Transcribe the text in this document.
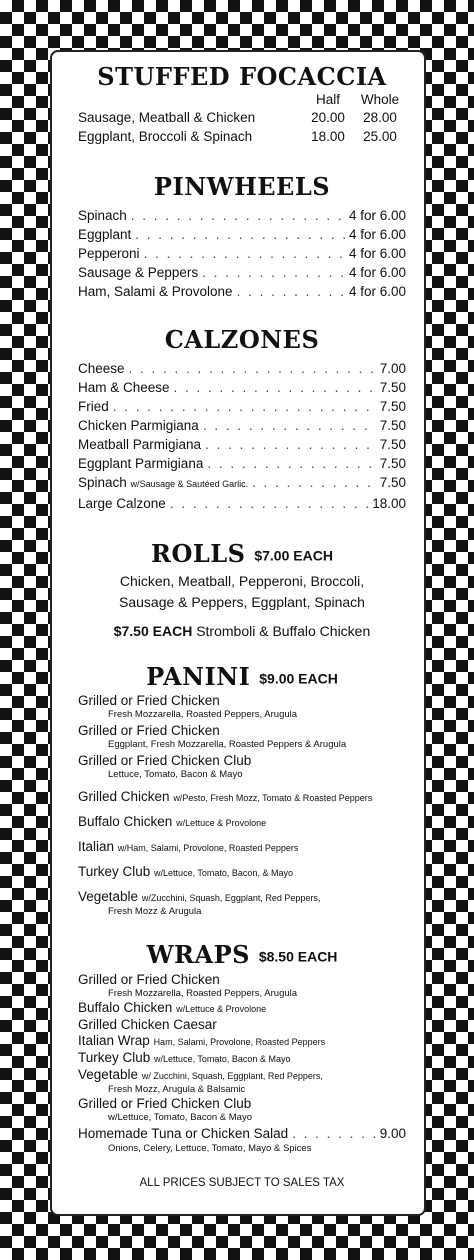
STUFFED FOCACCIA
Half	Whole
Sausage, Meatball & Chicken	20.00	28.00
Eggplant, Broccoli & Spinach	18.00	25.00
PINWHEELS
Spinach . . .	4 for 6.00
Eggplant . . .	4 for 6.00
Pepperoni . . .	4 for 6.00
Sausage & Peppers . . .	4 for 6.00
Ham, Salami & Provolone . . .	4 for 6.00
CALZONES
Cheese . . .	7.00
Ham & Cheese . . .	7.50
Fried . . .	7.50
Chicken Parmigiana . . .	7.50
Meatball Parmigiana . . .	7.50
Eggplant Parmigiana . . .	7.50
Spinach w/Sausage & Sautéed Garlic. . . .	7.50
Large Calzone . . .	18.00
ROLLS $7.00 EACH
Chicken, Meatball, Pepperoni, Broccoli,
Sausage & Peppers, Eggplant, Spinach
$7.50 EACH Stromboli & Buffalo Chicken
PANINI $9.00 EACH
Grilled or Fried Chicken
Fresh Mozzarella, Roasted Peppers, Arugula
Grilled or Fried Chicken
Eggplant, Fresh Mozzarella, Roasted Peppers & Arugula
Grilled or Fried Chicken Club
Lettuce, Tomato, Bacon & Mayo
Grilled Chicken w/Pesto, Fresh Mozz, Tomato & Roasted Peppers
Buffalo Chicken w/Lettuce & Provolone
Italian w/Ham, Salami, Provolone, Roasted Peppers
Turkey Club w/Lettuce, Tomato, Bacon, & Mayo
Vegetable w/Zucchini, Squash, Eggplant, Red Peppers,
Fresh Mozz & Arugula
WRAPS $8.50 EACH
Grilled or Fried Chicken
Fresh Mozzarella, Roasted Peppers, Arugula
Buffalo Chicken w/Lettuce & Provolone
Grilled Chicken Caesar
Italian Wrap Ham, Salami, Provolone, Roasted Peppers
Turkey Club w/Lettuce, Tomato, Bacon & Mayo
Vegetable w/ Zucchini, Squash, Eggplant, Red Peppers,
Fresh Mozz, Arugula & Balsamic
Grilled or Fried Chicken Club
w/Lettuce, Tomato, Bacon & Mayo
Homemade Tuna or Chicken Salad . . .	9.00
Onions, Celery, Lettuce, Tomato, Mayo & Spices
ALL PRICES SUBJECT TO SALES TAX
